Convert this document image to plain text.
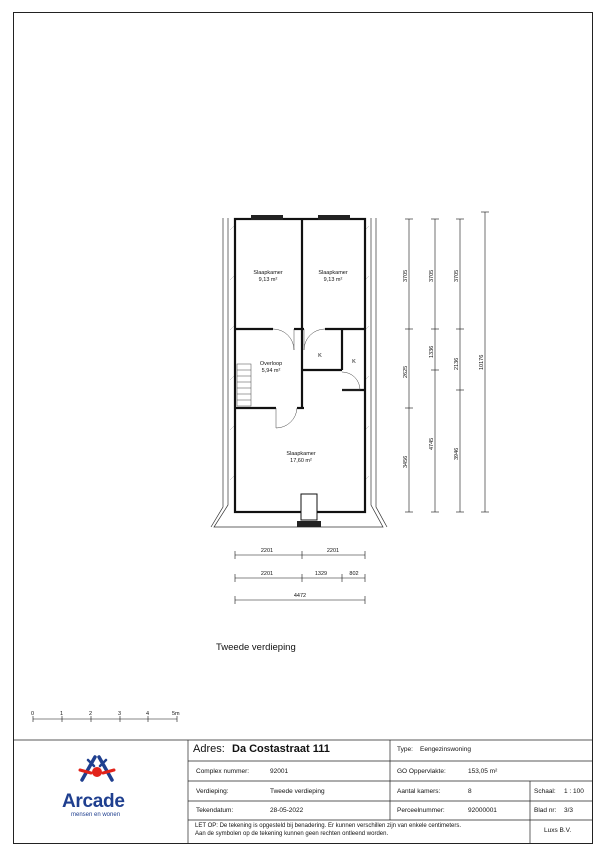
Slaapkamer
9,13 m²
Slaapkamer
9,13 m²
Overloop
5,94 m²
K
K
Slaapkamer
17,60 m²
3705
2625
3456
3705
1336
4745
3705
2136
3946
10176
2201	2201
2201	1329	802
4472
0	1	2	3	4	5m
Tweede verdieping
Arcade
mensen en wonen
Adres: Da Costastraat 111	Type: Eengezinswoning
Complex nummer:	92001	GO Oppervlakte:	153,05 m²
Verdieping:	Tweede verdieping	Aantal kamers:	8	Schaal: 1 : 100
Tekendatum:	28-05-2022	Perceelnummer:	92000001	Blad nr: 3/3
LET OP: De tekening is opgesteld bij benadering. Er kunnen verschillen zijn van enkele centimeters.
Aan de symbolen op de tekening kunnen geen rechten ontleend worden.	Luxs B.V.
